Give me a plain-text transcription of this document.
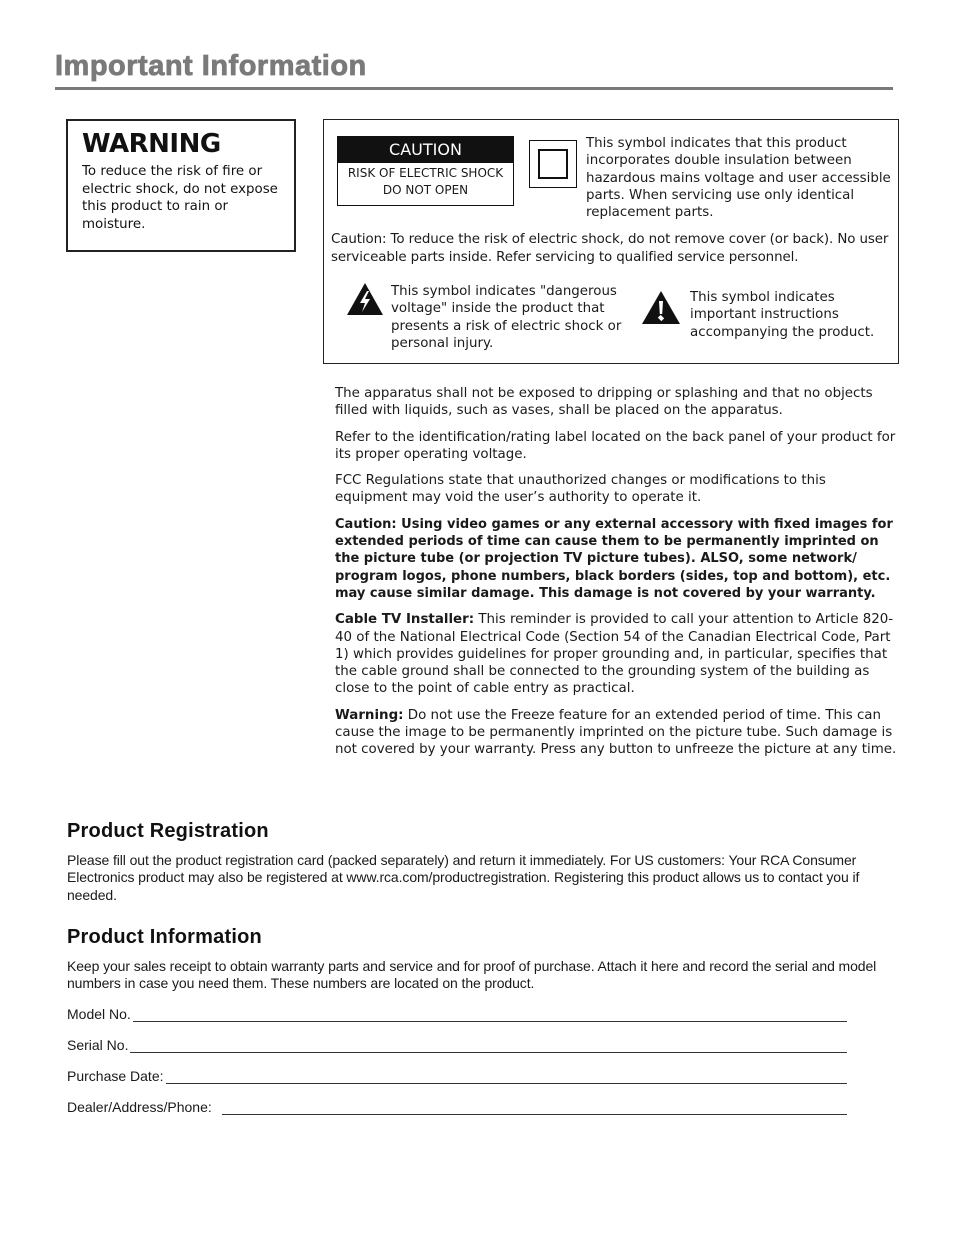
Important Information
WARNING
To reduce the risk of fire or electric shock, do not expose this product to rain or moisture.
CAUTION
RISK OF ELECTRIC SHOCK
DO NOT OPEN
This symbol indicates that this product incorporates double insulation between hazardous mains voltage and user accessible parts. When servicing use only identical replacement parts.
Caution: To reduce the risk of electric shock, do not remove cover (or back). No user serviceable parts inside. Refer servicing to qualified service personnel.
This symbol indicates "dangerous voltage" inside the product that presents a risk of electric shock or personal injury.
This symbol indicates important instructions accompanying the product.

The apparatus shall not be exposed to dripping or splashing and that no objects filled with liquids, such as vases, shall be placed on the apparatus.

Refer to the identification/rating label located on the back panel of your product for its proper operating voltage.

FCC Regulations state that unauthorized changes or modifications to this equipment may void the user’s authority to operate it.

Caution: Using video games or any external accessory with fixed images for extended periods of time can cause them to be permanently imprinted on the picture tube (or projection TV picture tubes). ALSO, some network/ program logos, phone numbers, black borders (sides, top and bottom), etc. may cause similar damage. This damage is not covered by your warranty.

Cable TV Installer: This reminder is provided to call your attention to Article 820-40 of the National Electrical Code (Section 54 of the Canadian Electrical Code, Part 1) which provides guidelines for proper grounding and, in particular, specifies that the cable ground shall be connected to the grounding system of the building as close to the point of cable entry as practical.

Warning: Do not use the Freeze feature for an extended period of time. This can cause the image to be permanently imprinted on the picture tube. Such damage is not covered by your warranty. Press any button to unfreeze the picture at any time.

Product Registration
Please fill out the product registration card (packed separately) and return it immediately. For US customers: Your RCA Consumer Electronics product may also be registered at www.rca.com/productregistration. Registering this product allows us to contact you if needed.
Product Information
Keep your sales receipt to obtain warranty parts and service and for proof of purchase. Attach it here and record the serial and model numbers in case you need them. These numbers are located on the product.
Model No.
Serial No.
Purchase Date:
Dealer/Address/Phone:
